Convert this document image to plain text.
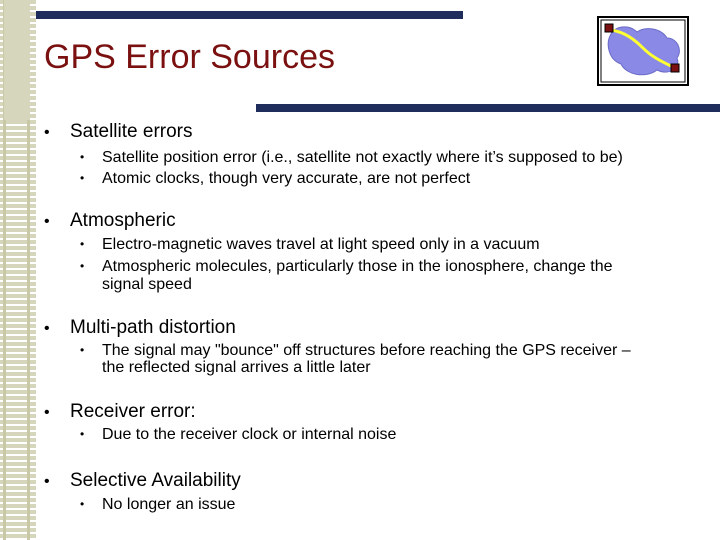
GPS Error Sources
• Satellite errors
• Satellite position error (i.e., satellite not exactly where it’s supposed to be)
• Atomic clocks, though very accurate, are not perfect
• Atmospheric
• Electro-magnetic waves travel at light speed only in a vacuum
• Atmospheric molecules, particularly those in the ionosphere, change the
signal speed
• Multi-path distortion
• The signal may "bounce" off structures before reaching the GPS receiver –
the reflected signal arrives a little later
• Receiver error:
• Due to the receiver clock or internal noise
• Selective Availability
• No longer an issue
